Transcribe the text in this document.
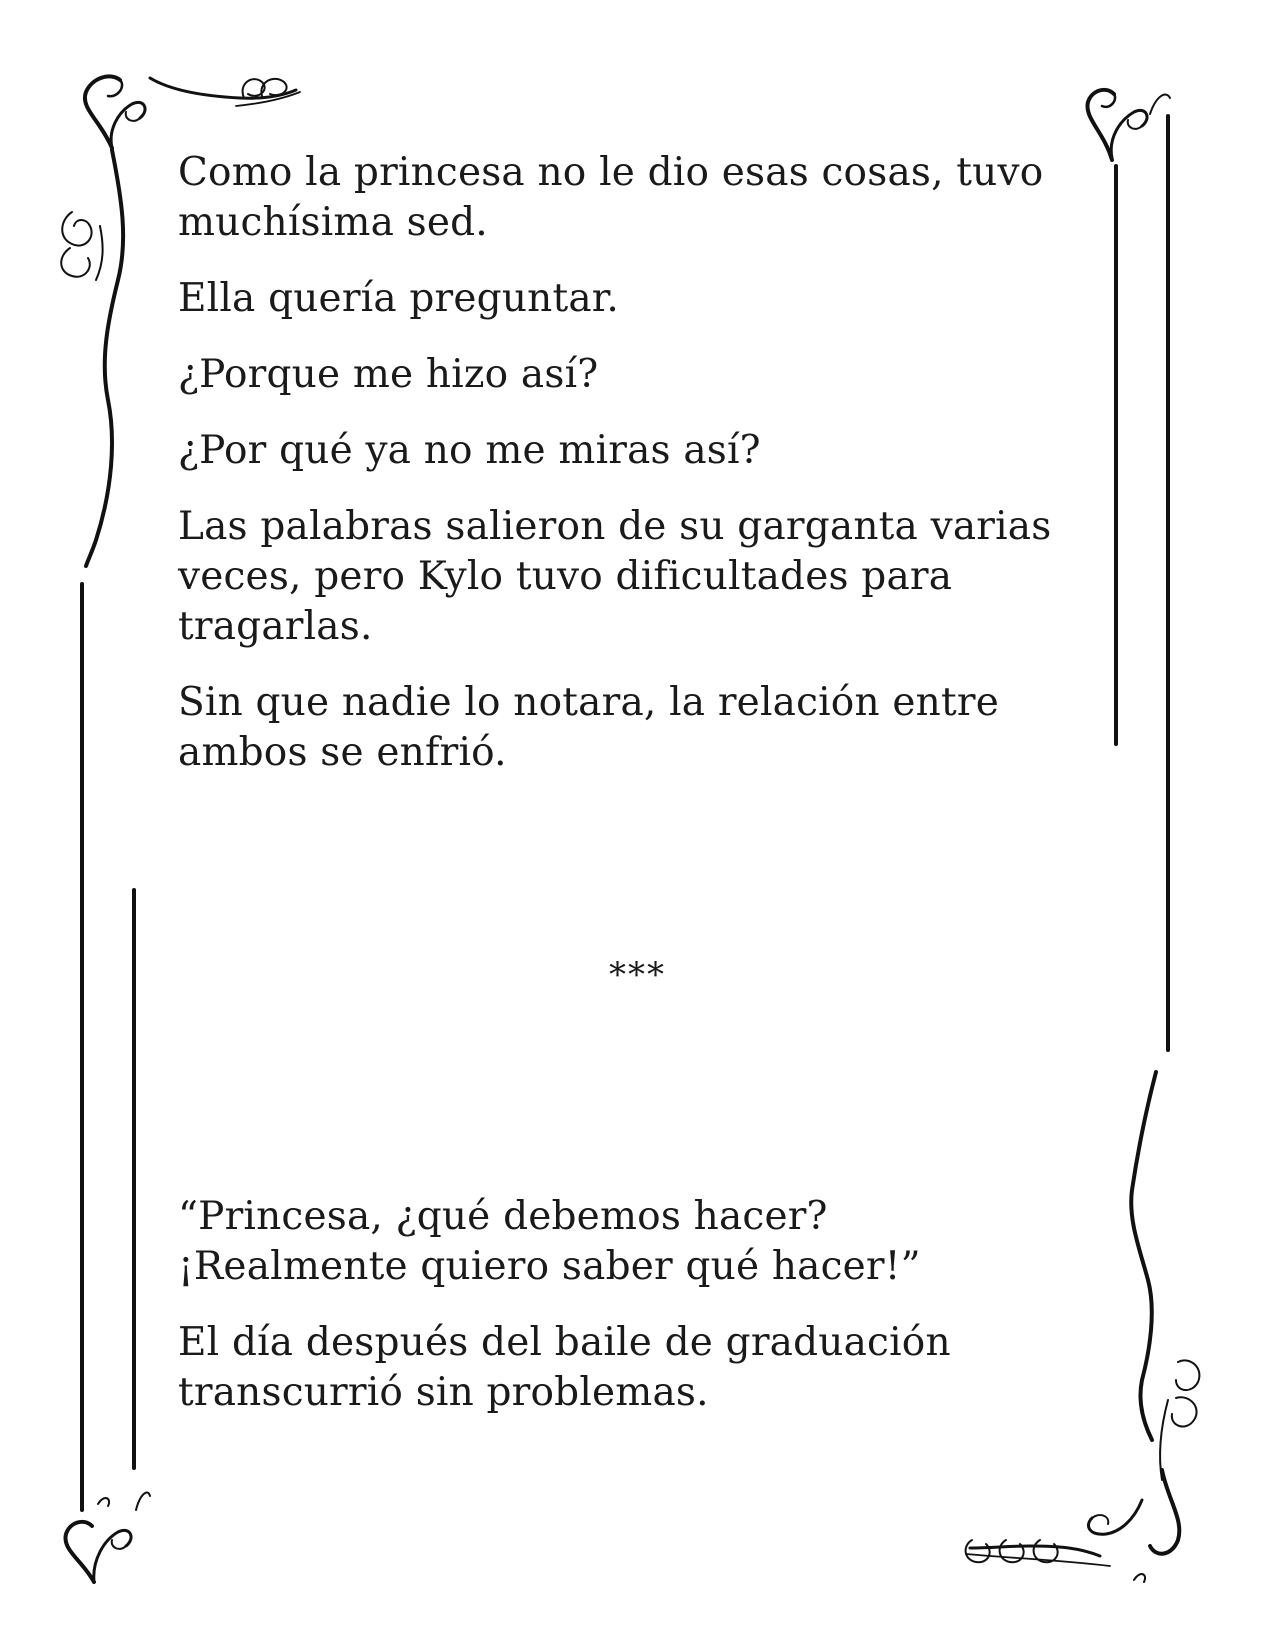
Como la princesa no le dio esas cosas, tuvo muchísima sed.

Ella quería preguntar.

¿Porque me hizo así?

¿Por qué ya no me miras así?

Las palabras salieron de su garganta varias veces, pero Kylo tuvo dificultades para tragarlas.

Sin que nadie lo notara, la relación entre ambos se enfrió.

***

“Princesa, ¿qué debemos hacer? ¡Realmente quiero saber qué hacer!”

El día después del baile de graduación transcurrió sin problemas.
